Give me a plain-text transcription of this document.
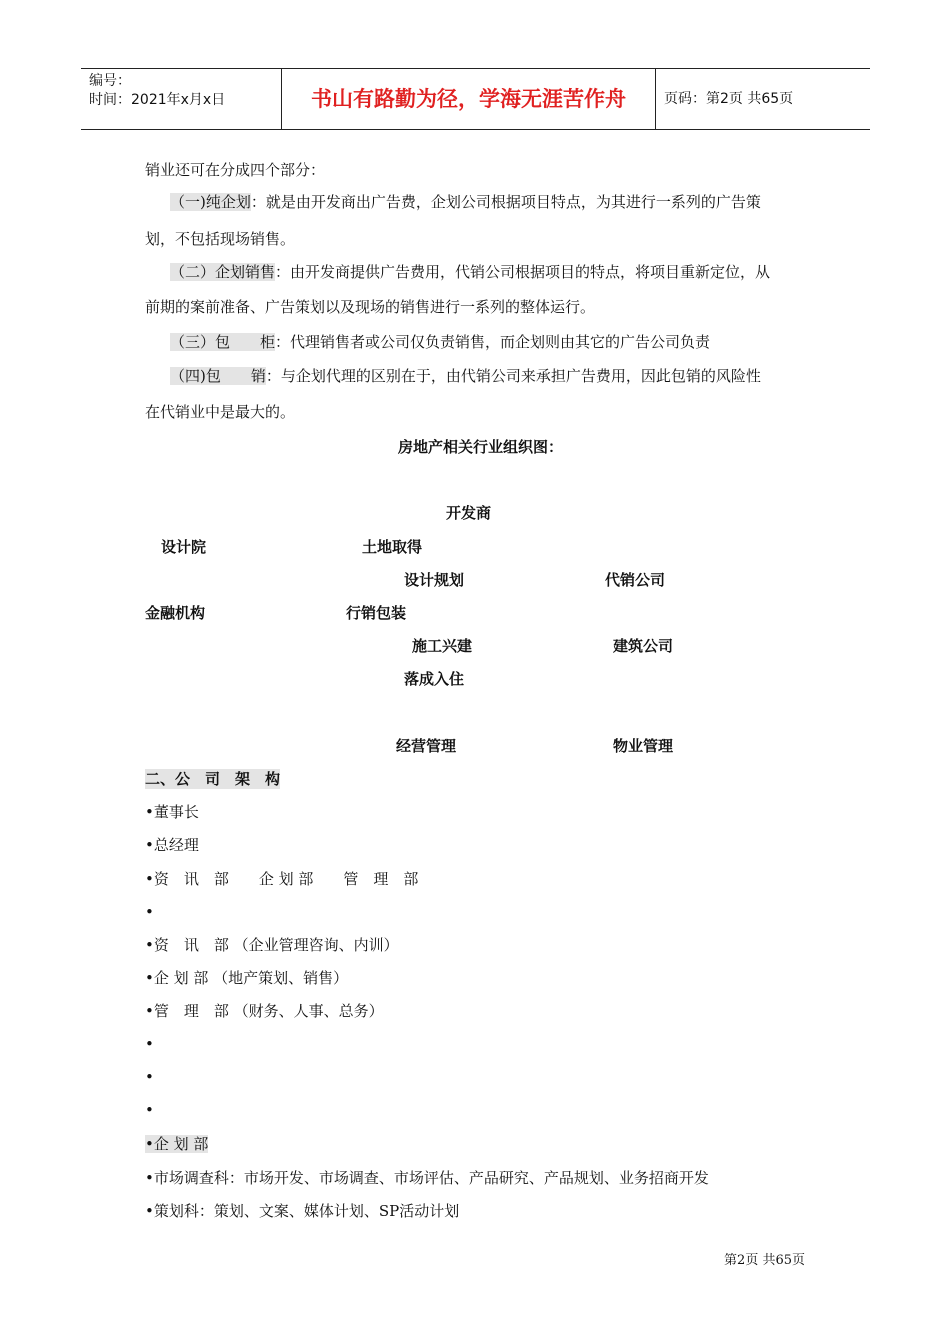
编号：
时间：2021年x月x日	书山有路勤为径，学海无涯苦作舟	页码：第2页 共65页
销业还可在分成四个部分：
（一)纯企划：就是由开发商出广告费，企划公司根据项目特点，为其进行一系列的广告策
划，不包括现场销售。
（二）企划销售：由开发商提供广告费用，代销公司根据项目的特点，将项目重新定位，从
前期的案前准备、广告策划以及现场的销售进行一系列的整体运行。
（三）包　　柜：代理销售者或公司仅负责销售，而企划则由其它的广告公司负责
（四)包　　销：与企划代理的区别在于，由代销公司来承担广告费用，因此包销的风险性
在代销业中是最大的。
房地产相关行业组织图：
开发商
设计院	土地取得
设计规划	代销公司
金融机构	行销包装
施工兴建	建筑公司
落成入住
经营管理	物业管理
二、公　司　架　构
•董事长
•总经理
•资　讯　部　　企 划 部　　管　理　部
•
•资　讯　部 （企业管理咨询、内训）
•企 划 部 （地产策划、销售）
•管　理　部 （财务、人事、总务）
•
•
•
•企 划 部
•市场调查科：市场开发、市场调查、市场评估、产品研究、产品规划、业务招商开发
•策划科：策划、文案、媒体计划、SP活动计划
第2页 共65页
